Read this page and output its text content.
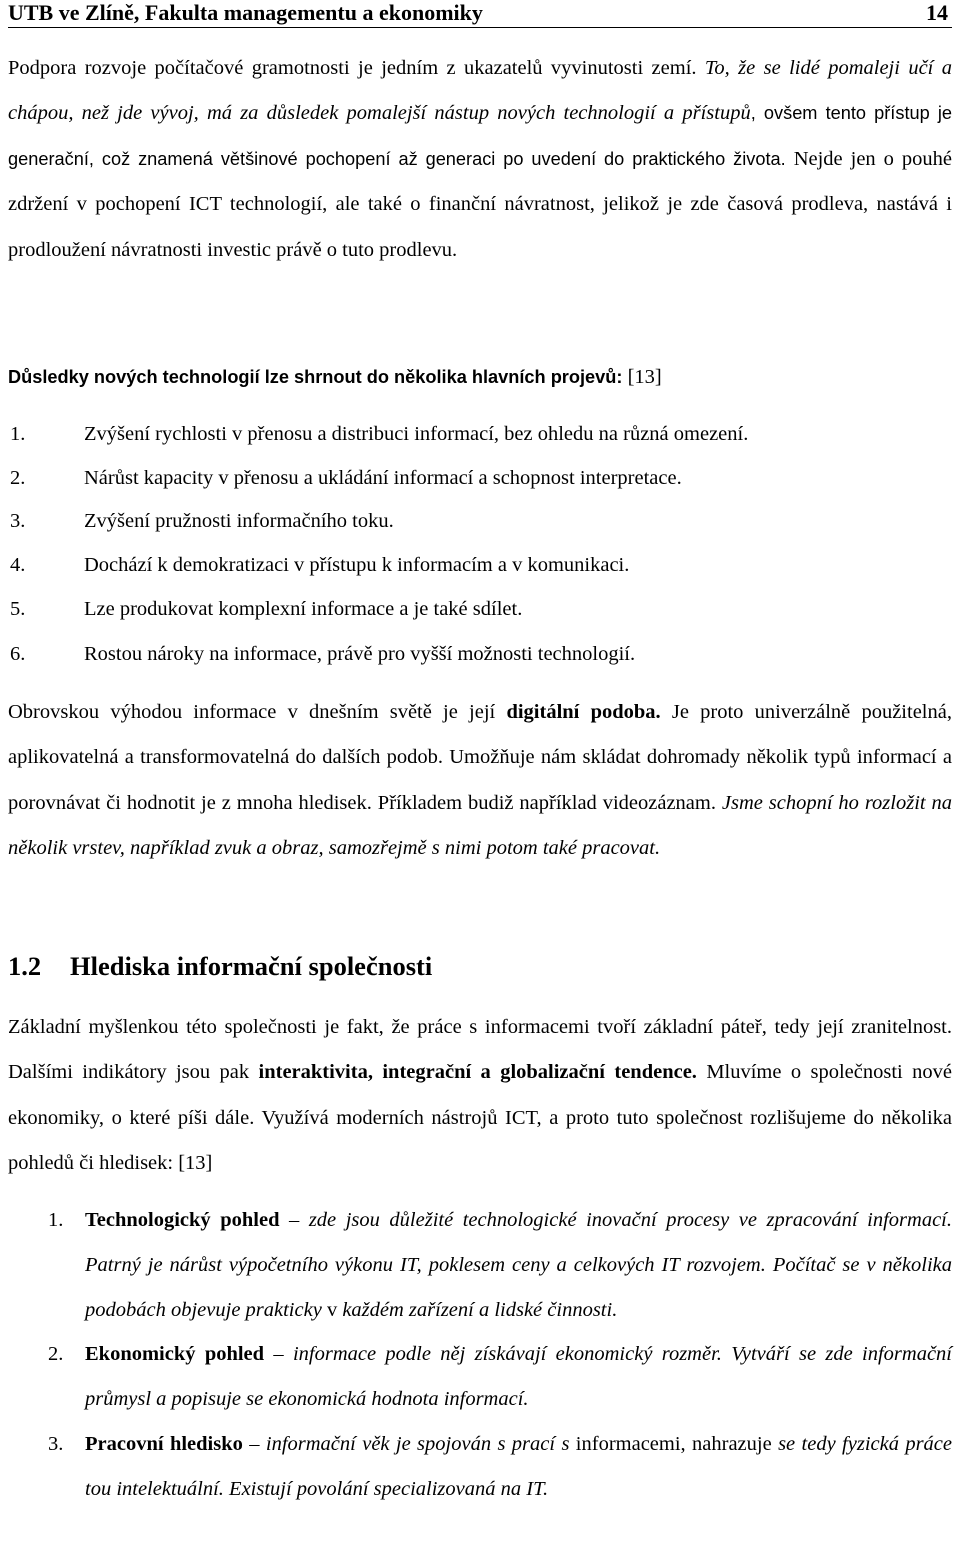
UTB ve Zlíně, Fakulta managementu a ekonomiky	14

Podpora rozvoje počítačové gramotnosti je jedním z ukazatelů vyvinutosti zemí. To, že se lidé pomaleji učí a chápou, než jde vývoj, má za důsledek pomalejší nástup nových technologií a přístupů, ovšem tento přístup je generační, což znamená většinové pochopení až generaci po uvedení do praktického života. Nejde jen o pouhé zdržení v pochopení ICT technologií, ale také o finanční návratnost, jelikož je zde časová prodleva, nastává i prodloužení návratnosti investic právě o tuto prodlevu.

Důsledky nových technologií lze shrnout do několika hlavních projevů: [13]
1.	Zvýšení rychlosti v přenosu a distribuci informací, bez ohledu na různá omezení.
2.	Nárůst kapacity v přenosu a ukládání informací a schopnost interpretace.
3.	Zvýšení pružnosti informačního toku.
4.	Dochází k demokratizaci v přístupu k informacím a v komunikaci.
5.	Lze produkovat komplexní informace a je také sdílet.
6.	Rostou nároky na informace, právě pro vyšší možnosti technologií.

Obrovskou výhodou informace v dnešním světě je její digitální podoba. Je proto univerzálně použitelná, aplikovatelná a transformovatelná do dalších podob. Umožňuje nám skládat dohromady několik typů informací a porovnávat či hodnotit je z mnoha hledisek. Příkladem budiž například videozáznam. Jsme schopní ho rozložit na několik vrstev, například zvuk a obraz, samozřejmě s nimi potom také pracovat.

1.2 Hlediska informační společnosti

Základní myšlenkou této společnosti je fakt, že práce s informacemi tvoří základní páteř, tedy její zranitelnost. Dalšími indikátory jsou pak interaktivita, integrační a globalizační tendence. Mluvíme o společnosti nové ekonomiky, o které píši dále. Využívá moderních nástrojů ICT, a proto tuto společnost rozlišujeme do několika pohledů či hledisek: [13]

1. Technologický pohled – zde jsou důležité technologické inovační procesy ve zpracování informací. Patrný je nárůst výpočetního výkonu IT, poklesem ceny a celkových IT rozvojem. Počítač se v několika podobách objevuje prakticky v každém zařízení a lidské činnosti.
2. Ekonomický pohled – informace podle něj získávají ekonomický rozměr. Vytváří se zde informační průmysl a popisuje se ekonomická hodnota informací.
3. Pracovní hledisko – informační věk je spojován s prací s informacemi, nahrazuje se tedy fyzická práce tou intelektuální. Existují povolání specializovaná na IT.
